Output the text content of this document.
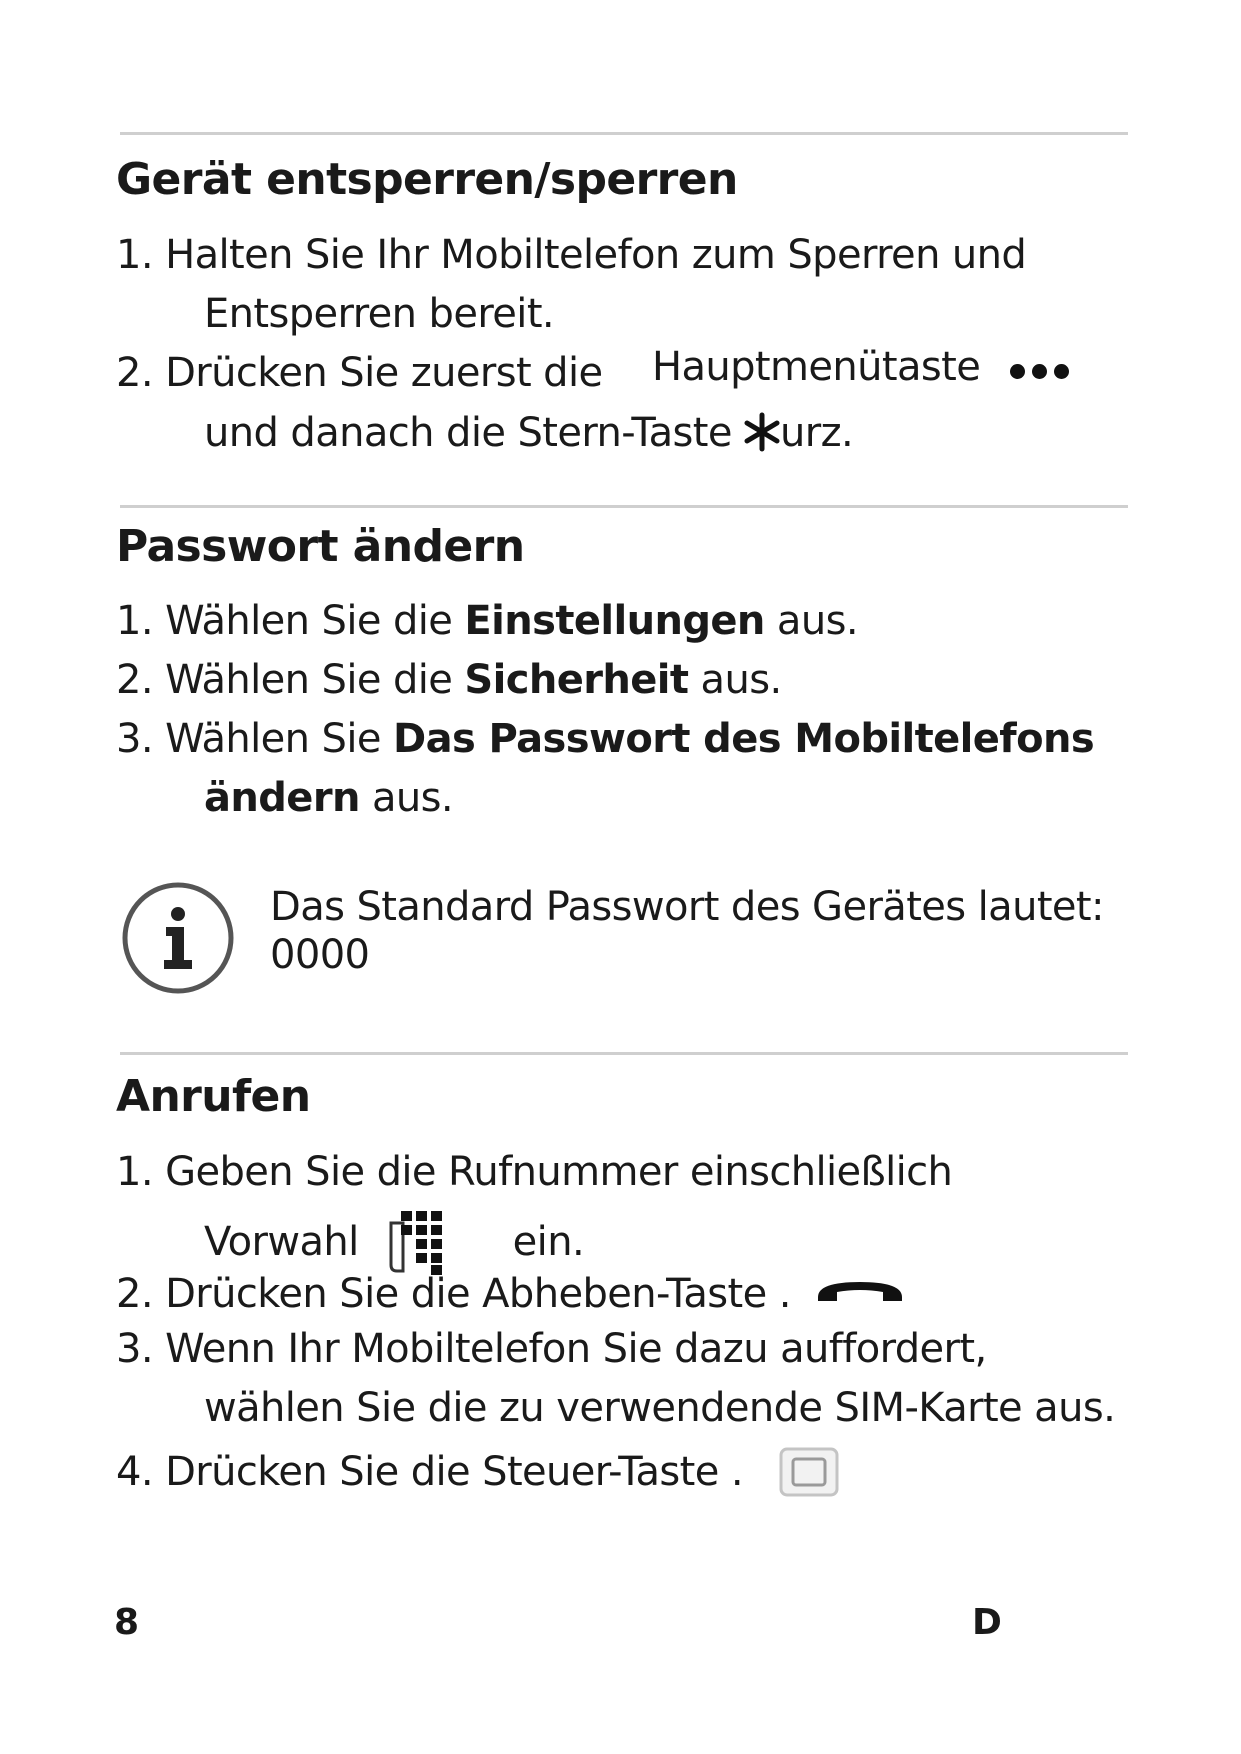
Gerät entsperren/sperren
1. Halten Sie Ihr Mobiltelefon zum Sperren und
Entsperren bereit.
2. Drücken Sie zuerst die Hauptmenütaste
und danach die Stern-Taste urz.
Passwort ändern
1. Wählen Sie die Einstellungen aus.
2. Wählen Sie die Sicherheit aus.
3. Wählen Sie Das Passwort des Mobiltelefons
ändern aus.
Das Standard Passwort des Gerätes lautet:
0000
Anrufen
1. Geben Sie die Rufnummer einschließlich
Vorwahl	ein.
2. Drücken Sie die Abheben-Taste .
3. Wenn Ihr Mobiltelefon Sie dazu auffordert,
wählen Sie die zu verwendende SIM-Karte aus.
4. Drücken Sie die Steuer-Taste .
8	D
